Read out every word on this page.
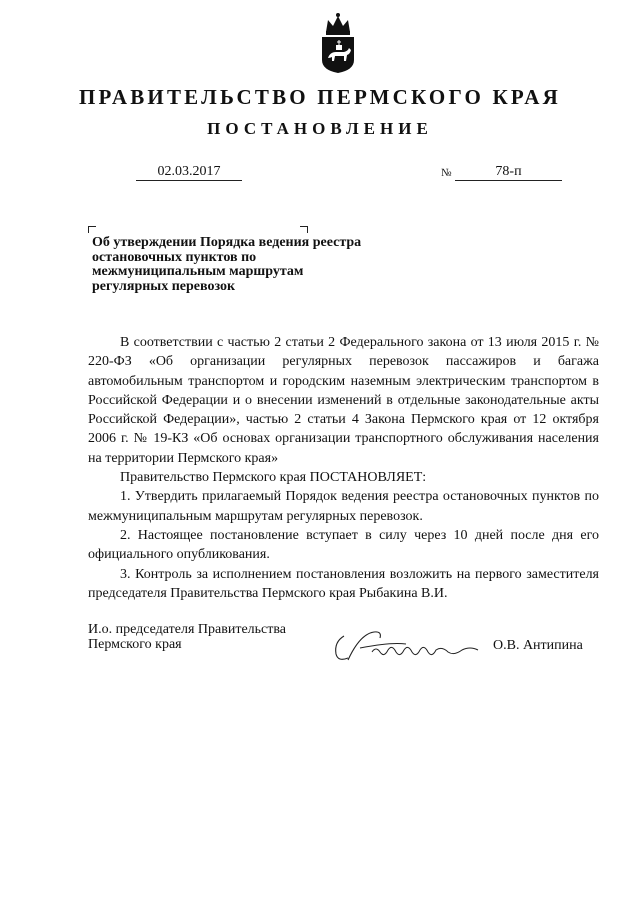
ПРАВИТЕЛЬСТВО ПЕРМСКОГО КРАЯ
ПОСТАНОВЛЕНИЕ
02.03.2017	№	78-п
Об утверждении Порядка ведения реестра остановочных пунктов по межмуниципальным маршрутам регулярных перевозок

В соответствии с частью 2 статьи 2 Федерального закона от 13 июля 2015 г. № 220-ФЗ «Об организации регулярных перевозок пассажиров и багажа автомобильным транспортом и городским наземным электрическим транспортом в Российской Федерации и о внесении изменений в отдельные законодательные акты Российской Федерации», частью 2 статьи 4 Закона Пермского края от 12 октября 2006 г. № 19-КЗ «Об основах организации транспортного обслуживания населения на территории Пермского края»

Правительство Пермского края ПОСТАНОВЛЯЕТ:

1. Утвердить прилагаемый Порядок ведения реестра остановочных пунктов по межмуниципальным маршрутам регулярных перевозок.

2. Настоящее постановление вступает в силу через 10 дней после дня его официального опубликования.

3. Контроль за исполнением постановления возложить на первого заместителя председателя Правительства Пермского края Рыбакина В.И.

И.о. председателя Правительства
Пермского края	О.В. Антипина
